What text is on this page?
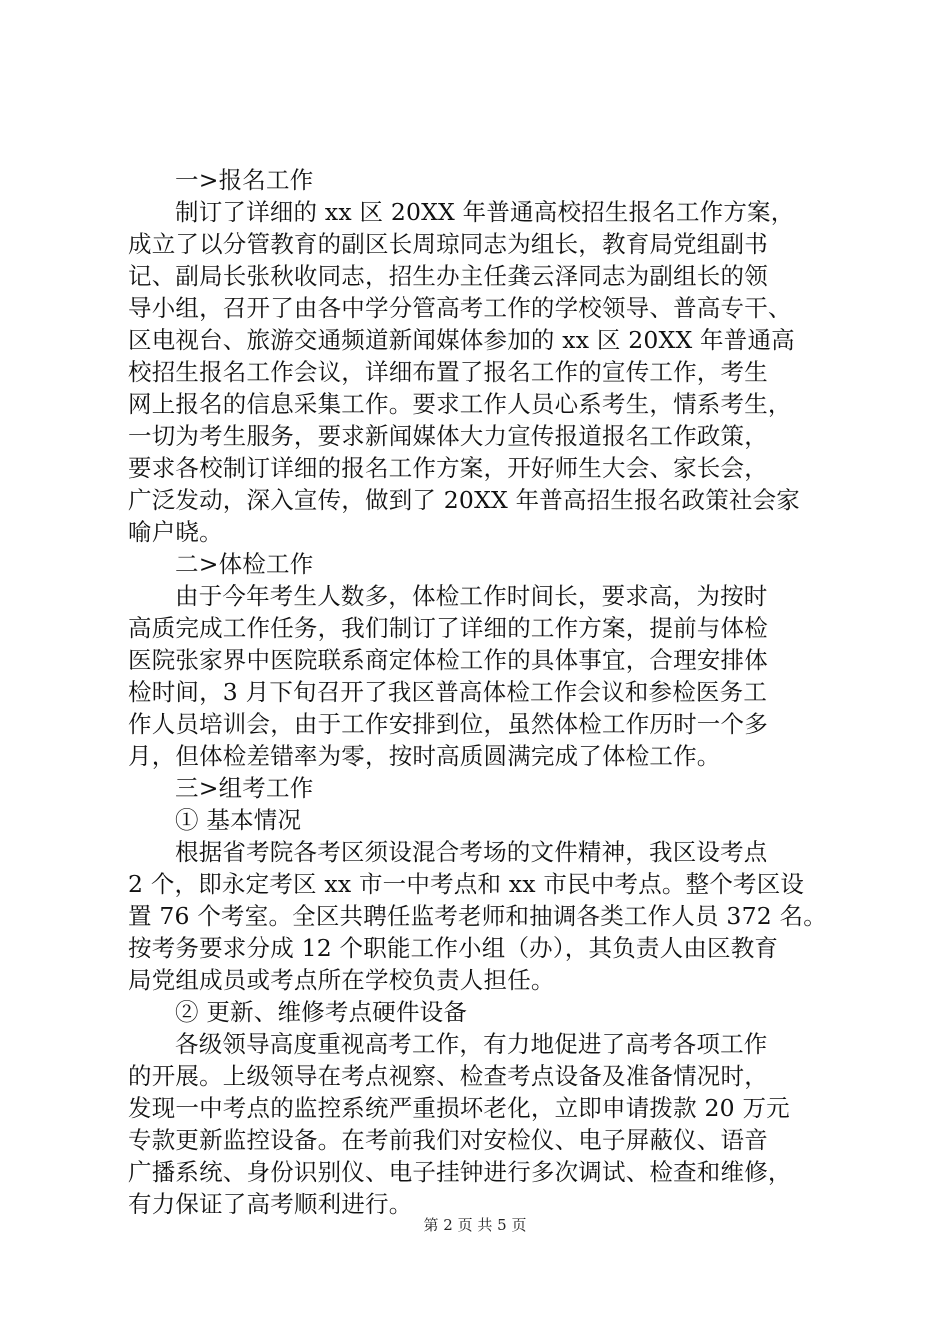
一>报名工作
制订了详细的 xx 区 20XX 年普通高校招生报名工作方案，
成立了以分管教育的副区长周琼同志为组长，教育局党组副书
记、副局长张秋收同志，招生办主任龚云泽同志为副组长的领
导小组，召开了由各中学分管高考工作的学校领导、普高专干、
区电视台、旅游交通频道新闻媒体参加的 xx 区 20XX 年普通高
校招生报名工作会议，详细布置了报名工作的宣传工作，考生
网上报名的信息采集工作。要求工作人员心系考生，情系考生，
一切为考生服务，要求新闻媒体大力宣传报道报名工作政策，
要求各校制订详细的报名工作方案，开好师生大会、家长会，
广泛发动，深入宣传，做到了 20XX 年普高招生报名政策社会家
喻户晓。
二>体检工作
由于今年考生人数多，体检工作时间长，要求高，为按时
高质完成工作任务，我们制订了详细的工作方案，提前与体检
医院张家界中医院联系商定体检工作的具体事宜，合理安排体
检时间，3 月下旬召开了我区普高体检工作会议和参检医务工
作人员培训会，由于工作安排到位，虽然体检工作历时一个多
月，但体检差错率为零，按时高质圆满完成了体检工作。
三>组考工作
① 基本情况
根据省考院各考区须设混合考场的文件精神，我区设考点
2 个，即永定考区 xx 市一中考点和 xx 市民中考点。整个考区设
置 76 个考室。全区共聘任监考老师和抽调各类工作人员 372 名。
按考务要求分成 12 个职能工作小组（办），其负责人由区教育
局党组成员或考点所在学校负责人担任。
② 更新、维修考点硬件设备
各级领导高度重视高考工作，有力地促进了高考各项工作
的开展。上级领导在考点视察、检查考点设备及准备情况时，
发现一中考点的监控系统严重损坏老化，立即申请拨款 20 万元
专款更新监控设备。在考前我们对安检仪、电子屏蔽仪、语音
广播系统、身份识别仪、电子挂钟进行多次调试、检查和维修，
有力保证了高考顺利进行。
第 2 页 共 5 页
